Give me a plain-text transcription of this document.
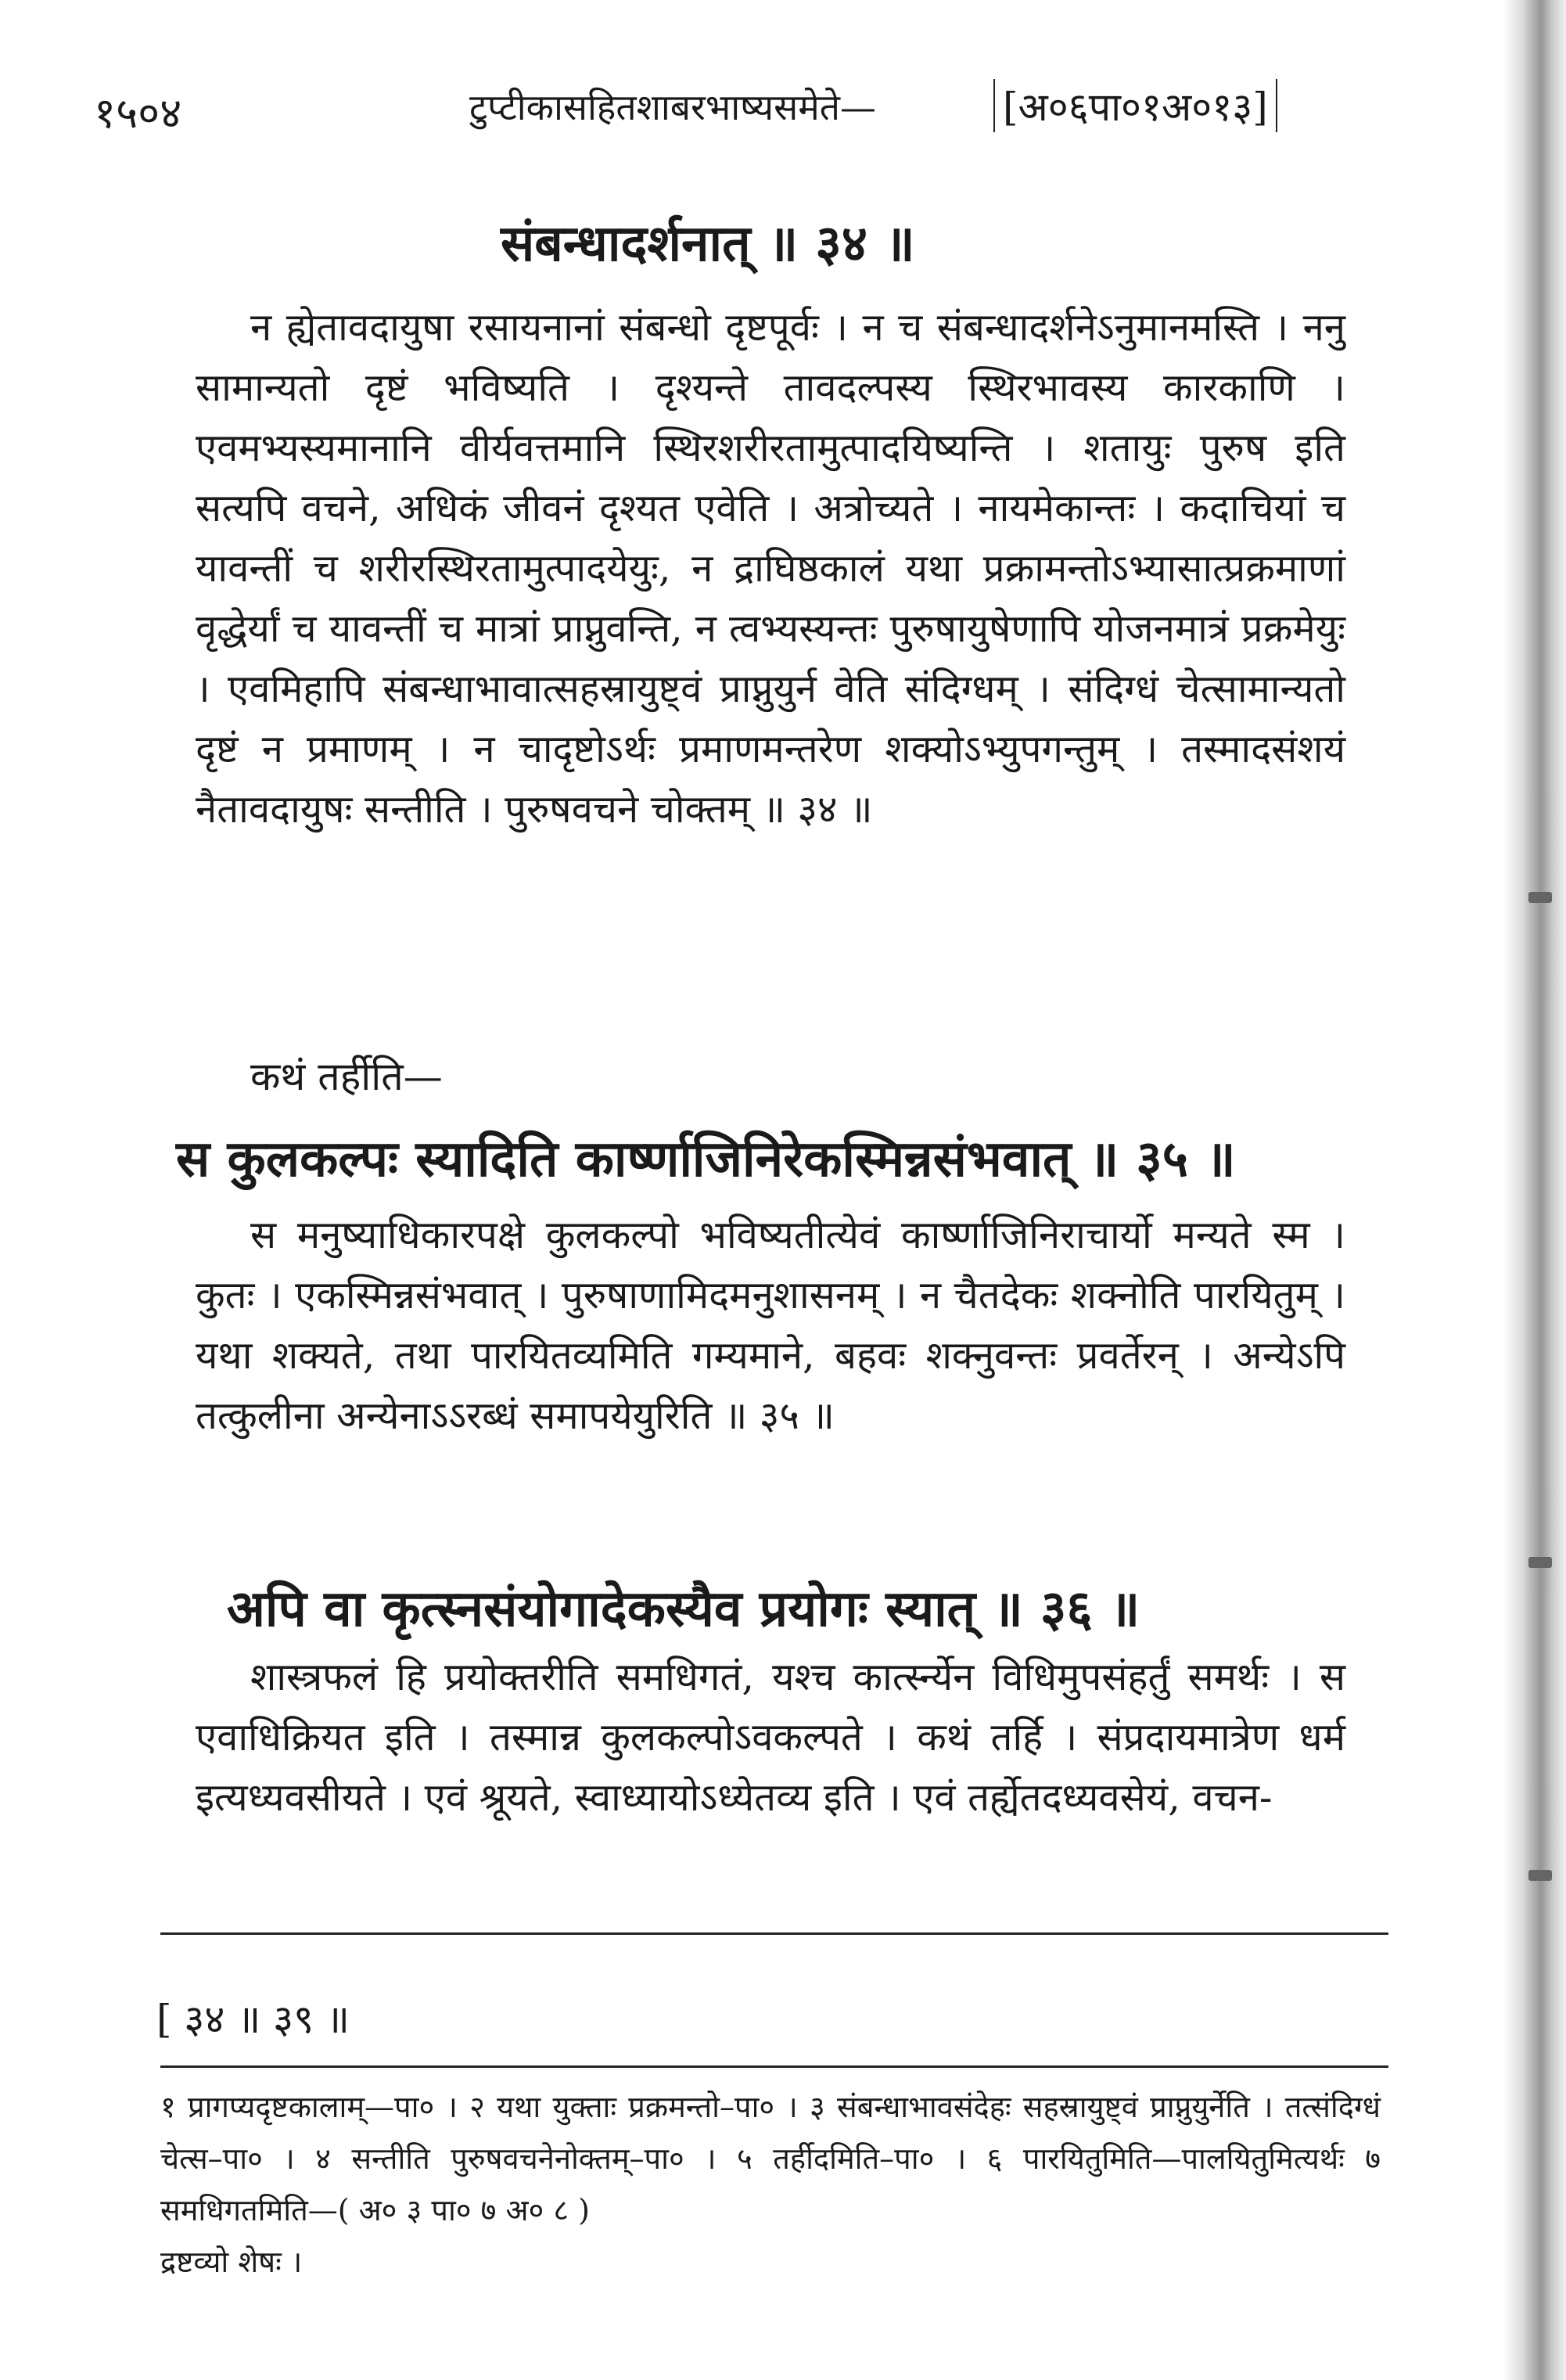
१५०४	टुप्टीकासहितशाबरभाष्यसमेते—	[अ०६पा०१अ०१३]
संबन्धादर्शनात् ॥ ३४ ॥

न ह्येतावदायुषा रसायनानां संबन्धो दृष्टपूर्वः । न च संबन्धादर्शनेऽनुमानमस्ति । ननु सामान्यतो दृष्टं भविष्यति । दृश्यन्ते तावदल्पस्य स्थिरभावस्य कारकाणि । एवमभ्यस्यमानानि वीर्यवत्तमानि स्थिरशरीरतामुत्पादयिष्यन्ति । शतायुः पुरुष इति सत्यपि वचने, अधिकं जीवनं दृश्यत एवेति । अत्रोच्यते । नायमेकान्तः । कदाचियां च यावन्तीं च शरीरस्थिरतामुत्पादयेयुः, न द्राघिष्ठकालं यथा प्रक्रामन्तोऽभ्यासात्प्रक्रमाणां वृद्धेर्यां च यावन्तीं च मात्रां प्राप्नुवन्ति, न त्वभ्यस्यन्तः पुरुषायुषेणापि योजनमात्रं प्रक्रमेयुः । एवमिहापि संबन्धाभावात्सहस्रायुष्ट्वं प्राप्नुयुर्न वेति संदिग्धम् । संदिग्धं चेत्सामान्यतो दृष्टं न प्रमाणम् । न चादृष्टोऽर्थः प्रमाणमन्तरेण शक्योऽभ्युपगन्तुम् । तस्मादसंशयं नैतावदायुषः सन्तीति । पुरुषवचने चोक्तम् ॥ ३४ ॥

कथं तर्हीति—
स कुलकल्पः स्यादिति कार्ष्णाजिनिरेकस्मिन्नसंभवात् ॥ ३५ ॥

स मनुष्याधिकारपक्षे कुलकल्पो भविष्यतीत्येवं कार्ष्णाजिनिराचार्यो मन्यते स्म । कुतः । एकस्मिन्नसंभवात् । पुरुषाणामिदमनुशासनम् । न चैतदेकः शक्नोति पारयितुम् । यथा शक्यते, तथा पारयितव्यमिति गम्यमाने, बहवः शक्नुवन्तः प्रवर्तेरन् । अन्येऽपि तत्कुलीना अन्येनाऽऽरब्धं समापयेयुरिति ॥ ३५ ॥

अपि वा कृत्स्नसंयोगादेकस्यैव प्रयोगः स्यात् ॥ ३६ ॥

शास्त्रफलं हि प्रयोक्तरीति समधिगतं, यश्च कार्त्स्न्येन विधिमुपसंहर्तुं समर्थः । स एवाधिक्रियत इति । तस्मान्न कुलकल्पोऽवकल्पते । कथं तर्हि । संप्रदायमात्रेण धर्म इत्यध्यवसीयते । एवं श्रूयते, स्वाध्यायोऽध्येतव्य इति । एवं तर्ह्येतदध्यवसेयं, वचन-

[ ३४ ॥ ३९ ॥

१ प्रागप्यदृष्टकालाम्—पा० । २ यथा युक्ताः प्रक्रमन्तो–पा० । ३ संबन्धाभावसंदेहः सहस्रायुष्ट्वं प्राप्नुयुर्नेति । तत्संदिग्धं चेत्स–पा० । ४ सन्तीति पुरुषवचनेनोक्तम्–पा० । ५ तर्हीदमिति–पा० । ६ पारयितुमिति—पालयितुमित्यर्थः ७ समधिगतमिति—( अ० ३ पा० ७ अ० ८ )

द्रष्टव्यो शेषः ।
